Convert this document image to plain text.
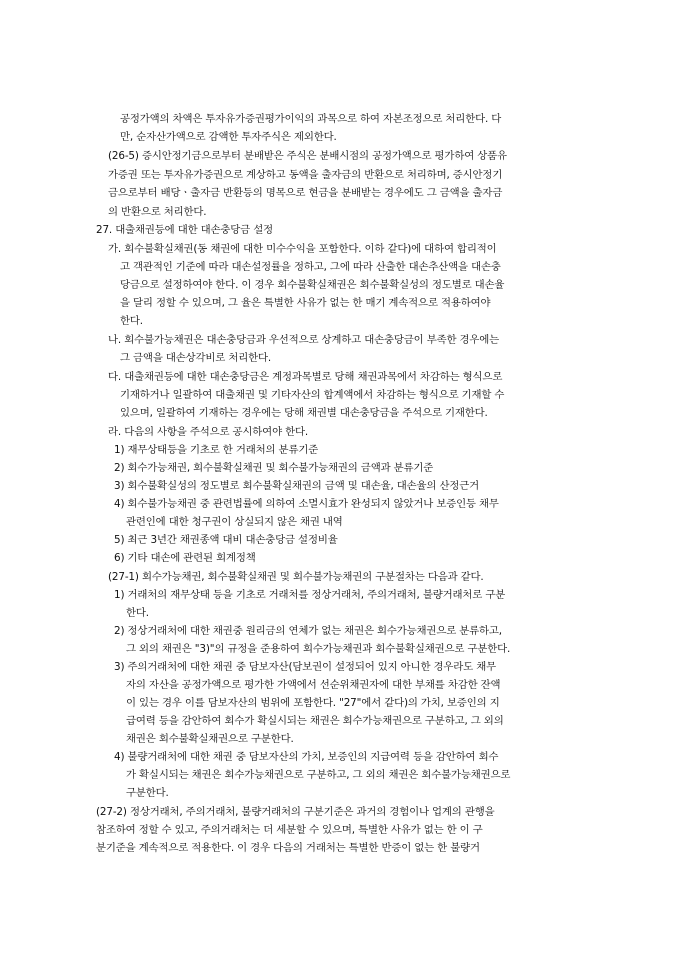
공정가액의 차액은 투자유가증권평가이익의 과목으로 하여 자본조정으로 처리한다. 다
만, 순자산가액으로 감액한 투자주식은 제외한다.
(26-5) 증시안정기금으로부터 분배받은 주식은 분배시점의 공정가액으로 평가하여 상품유
가증권 또는 투자유가증권으로 계상하고 동액을 출자금의 반환으로 처리하며, 증시안정기
금으로부터 배당ㆍ출자금 반환등의 명목으로 현금을 분배받는 경우에도 그 금액을 출자금
의 반환으로 처리한다.
27. 대출채권등에 대한 대손충당금 설정
가. 회수불확실채권(동 채권에 대한 미수수익을 포함한다. 이하 같다)에 대하여 합리적이
고 객관적인 기준에 따라 대손설정률을 정하고, 그에 따라 산출한 대손추산액을 대손충
당금으로 설정하여야 한다. 이 경우 회수불확실채권은 회수불확실성의 정도별로 대손율
을 달리 정할 수 있으며, 그 율은 특별한 사유가 없는 한 매기 계속적으로 적용하여야
한다.
나. 회수불가능채권은 대손충당금과 우선적으로 상계하고 대손충당금이 부족한 경우에는
그 금액을 대손상각비로 처리한다.
다. 대출채권등에 대한 대손충당금은 계정과목별로 당해 채권과목에서 차감하는 형식으로
기재하거나 일괄하여 대출채권 및 기타자산의 합계액에서 차감하는 형식으로 기재할 수
있으며, 일괄하여 기재하는 경우에는 당해 채권별 대손충당금을 주석으로 기재한다.
라. 다음의 사항을 주석으로 공시하여야 한다.
1) 재무상태등을 기초로 한 거래처의 분류기준
2) 회수가능채권, 회수불확실채권 및 회수불가능채권의 금액과 분류기준
3) 회수불확실성의 정도별로 회수불확실채권의 금액 및 대손율, 대손율의 산정근거
4) 회수불가능채권 중 관련법률에 의하여 소멸시효가 완성되지 않았거나 보증인등 채무
관련인에 대한 청구권이 상실되지 않은 채권 내역
5) 최근 3년간 채권종액 대비 대손충당금 설정비율
6) 기타 대손에 관련된 회계정책
(27-1) 회수가능채권, 회수불확실채권 및 회수불가능채권의 구분절차는 다음과 같다.
1) 거래처의 재무상태 등을 기초로 거래처를 정상거래처, 주의거래처, 불량거래처로 구분
한다.
2) 정상거래처에 대한 채권중 원리금의 연체가 없는 채권은 회수가능채권으로 분류하고,
그 외의 채권은 "3)"의 규정을 준용하여 회수가능채권과 회수불확실채권으로 구분한다.
3) 주의거래처에 대한 채권 중 담보자산(담보권이 설정되어 있지 아니한 경우라도 채무
자의 자산을 공정가액으로 평가한 가액에서 선순위채권자에 대한 부채를 차감한 잔액
이 있는 경우 이를 담보자산의 범위에 포함한다. "27"에서 같다)의 가치, 보증인의 지
급여력 등을 감안하여 회수가 확실시되는 채권은 회수가능채권으로 구분하고, 그 외의
채권은 회수불확실채권으로 구분한다.
4) 불량거래처에 대한 채권 중 담보자산의 가치, 보증인의 지급여력 등을 감안하여 회수
가 확실시되는 채권은 회수가능채권으로 구분하고, 그 외의 채권은 회수불가능채권으로
구분한다.
(27-2) 정상거래처, 주의거래처, 불량거래처의 구분기준은 과거의 경험이나 업계의 관행을
참조하여 정할 수 있고, 주의거래처는 더 세분할 수 있으며, 특별한 사유가 없는 한 이 구
분기준을 계속적으로 적용한다. 이 경우 다음의 거래처는 특별한 반증이 없는 한 불량거
